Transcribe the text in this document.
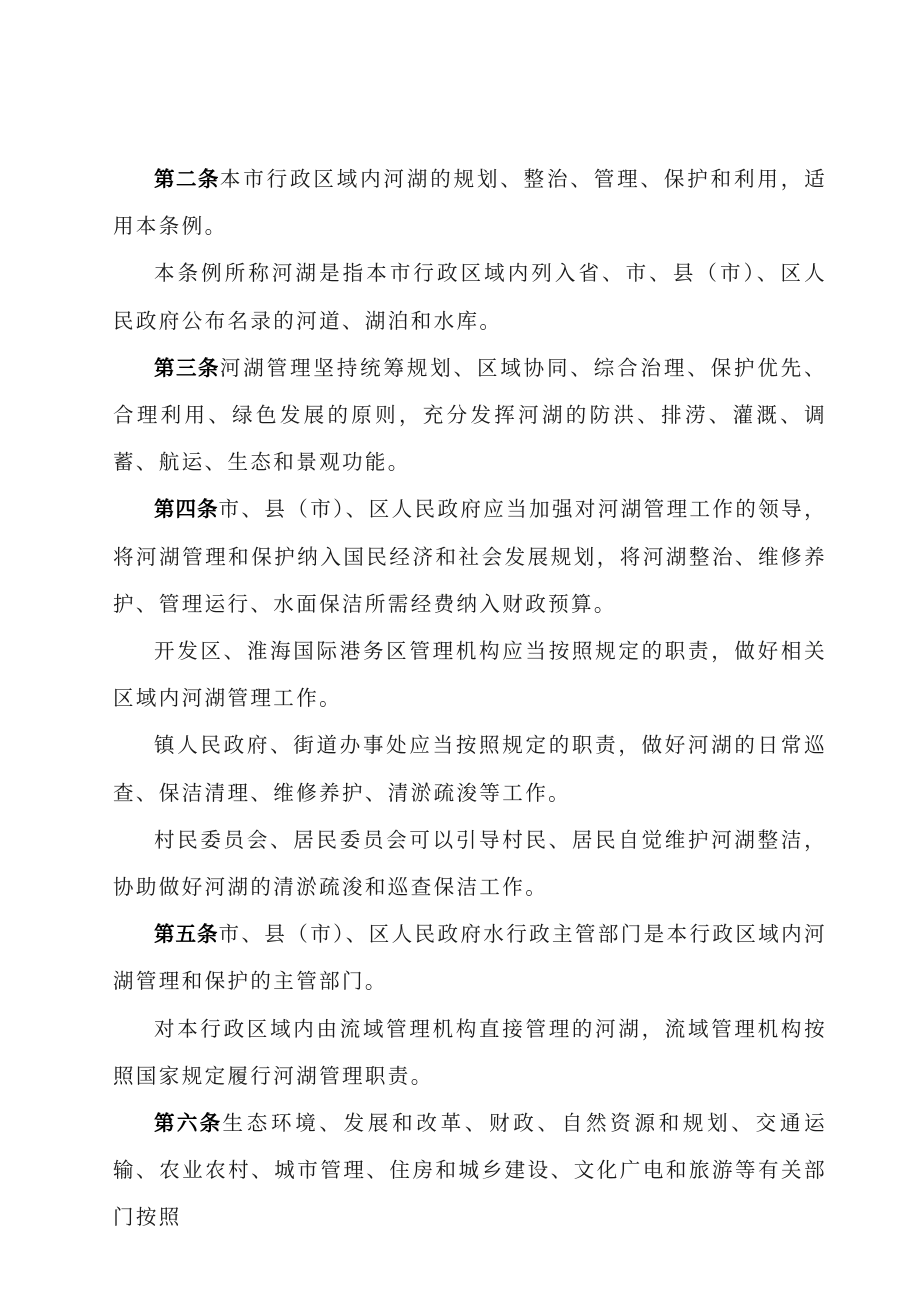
第二条本市行政区域内河湖的规划、整治、管理、保护和利用，适用本条例。

本条例所称河湖是指本市行政区域内列入省、市、县（市）、区人民政府公布名录的河道、湖泊和水库。

第三条河湖管理坚持统筹规划、区域协同、综合治理、保护优先、合理利用、绿色发展的原则，充分发挥河湖的防洪、排涝、灌溉、调蓄、航运、生态和景观功能。

第四条市、县（市）、区人民政府应当加强对河湖管理工作的领导，将河湖管理和保护纳入国民经济和社会发展规划，将河湖整治、维修养护、管理运行、水面保洁所需经费纳入财政预算。

开发区、淮海国际港务区管理机构应当按照规定的职责，做好相关区域内河湖管理工作。

镇人民政府、街道办事处应当按照规定的职责，做好河湖的日常巡查、保洁清理、维修养护、清淤疏浚等工作。

村民委员会、居民委员会可以引导村民、居民自觉维护河湖整洁，协助做好河湖的清淤疏浚和巡查保洁工作。

第五条市、县（市）、区人民政府水行政主管部门是本行政区域内河湖管理和保护的主管部门。

对本行政区域内由流域管理机构直接管理的河湖，流域管理机构按照国家规定履行河湖管理职责。

第六条生态环境、发展和改革、财政、自然资源和规划、交通运输、农业农村、城市管理、住房和城乡建设、文化广电和旅游等有关部门按照
